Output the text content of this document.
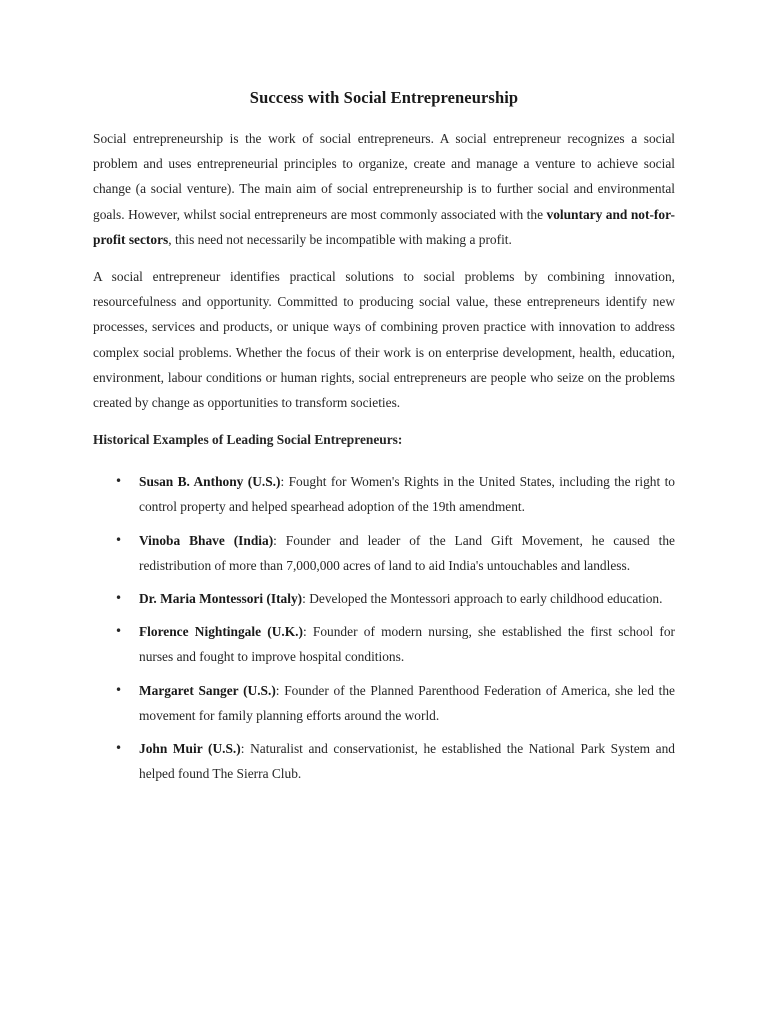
Success with Social Entrepreneurship

Social entrepreneurship is the work of social entrepreneurs. A social entrepreneur recognizes a social problem and uses entrepreneurial principles to organize, create and manage a venture to achieve social change (a social venture). The main aim of social entrepreneurship is to further social and environmental goals. However, whilst social entrepreneurs are most commonly associated with the voluntary and not-for-profit sectors, this need not necessarily be incompatible with making a profit.

A social entrepreneur identifies practical solutions to social problems by combining innovation, resourcefulness and opportunity. Committed to producing social value, these entrepreneurs identify new processes, services and products, or unique ways of combining proven practice with innovation to address complex social problems. Whether the focus of their work is on enterprise development, health, education, environment, labour conditions or human rights, social entrepreneurs are people who seize on the problems created by change as opportunities to transform societies.

Historical Examples of Leading Social Entrepreneurs:
• Susan B. Anthony (U.S.): Fought for Women's Rights in the United States, including the right to control property and helped spearhead adoption of the 19th amendment.
• Vinoba Bhave (India): Founder and leader of the Land Gift Movement, he caused the redistribution of more than 7,000,000 acres of land to aid India's untouchables and landless.
• Dr. Maria Montessori (Italy): Developed the Montessori approach to early childhood education.
• Florence Nightingale (U.K.): Founder of modern nursing, she established the first school for nurses and fought to improve hospital conditions.
• Margaret Sanger (U.S.): Founder of the Planned Parenthood Federation of America, she led the movement for family planning efforts around the world.
• John Muir (U.S.): Naturalist and conservationist, he established the National Park System and helped found The Sierra Club.
